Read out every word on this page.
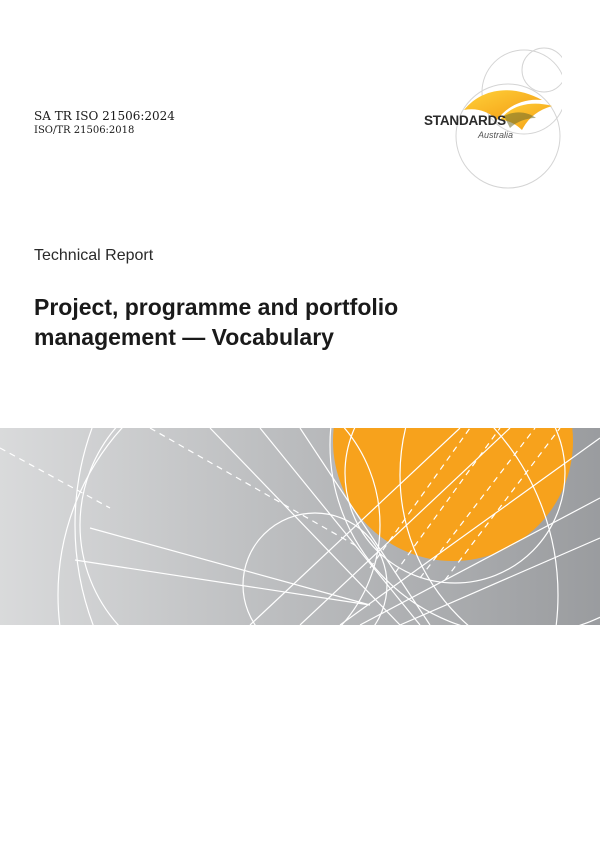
SA TR ISO 21506:2024
ISO/TR 21506:2018
STANDARDS
Australia
Technical Report
Project, programme and portfolio
management — Vocabulary
